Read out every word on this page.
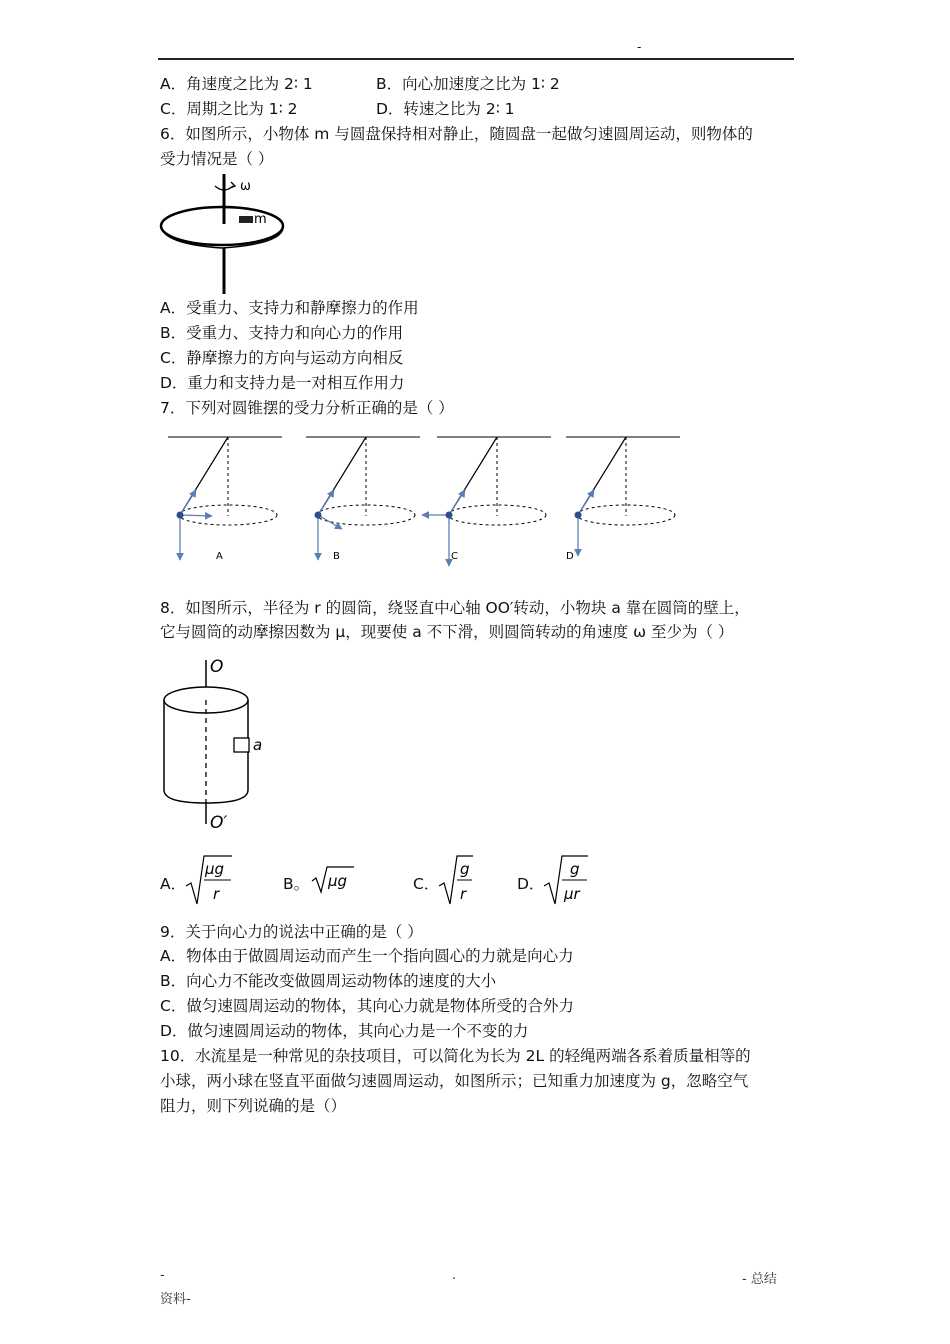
-
A．角速度之比为 2∶ 1	B．向心加速度之比为 1∶ 2
C．周期之比为 1∶ 2	D．转速之比为 2∶ 1
6．如图所示，小物体 m 与圆盘保持相对静止，随圆盘一起做匀速圆周运动，则物体的
受力情况是（ ）
ω
m
A．受重力、支持力和静摩擦力的作用
B．受重力、支持力和向心力的作用
C．静摩擦力的方向与运动方向相反
D．重力和支持力是一对相互作用力
7．下列对圆锥摆的受力分析正确的是（ ）
A	B	C	D
8．如图所示，半径为 r 的圆筒，绕竖直中心轴 OO′转动，小物块 a 靠在圆筒的壁上，
它与圆筒的动摩擦因数为 μ，现要使 a 不下滑，则圆筒转动的角速度 ω 至少为（ ）
O
a
O′
A．
μg
r
B。 μg	C．
g
r
D．
g
μr
9．关于向心力的说法中正确的是（ ）
A．物体由于做圆周运动而产生一个指向圆心的力就是向心力
B．向心力不能改变做圆周运动物体的速度的大小
C．做匀速圆周运动的物体，其向心力就是物体所受的合外力
D．做匀速圆周运动的物体，其向心力是一个不变的力
10．水流星是一种常见的杂技项目，可以简化为长为 2L 的轻绳两端各系着质量相等的
小球，两小球在竖直平面做匀速圆周运动，如图所示；已知重力加速度为 g，忽略空气
阻力，则下列说确的是（）
-	.	- 总结
资料-
